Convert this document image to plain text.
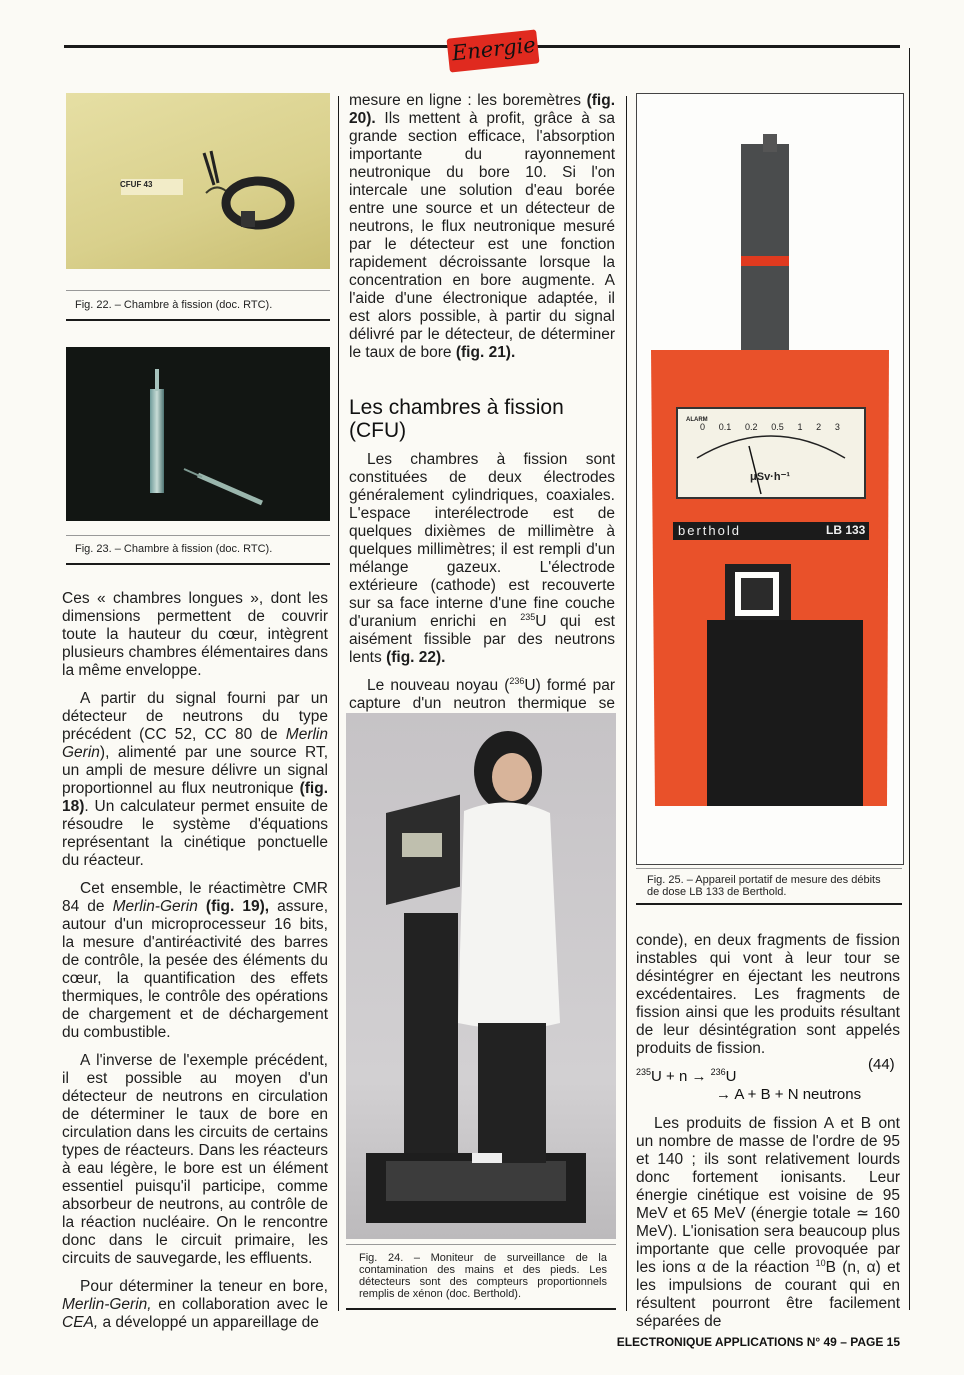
Energie
CFUF 43
Fig. 22. – Chambre à fission (doc. RTC).
Fig. 23. – Chambre à fission (doc. RTC).

Ces « chambres longues », dont les dimensions permettent de couvrir toute la hauteur du cœur, intègrent plusieurs chambres élémentaires dans la même enveloppe.

A partir du signal fourni par un détecteur de neutrons du type précédent (CC 52, CC 80 de Merlin Gerin), alimenté par une source RT, un ampli de mesure délivre un signal proportionnel au flux neutronique (fig. 18). Un calculateur permet ensuite de résoudre le système d'équations représentant la cinétique ponctuelle du réacteur.

Cet ensemble, le réactimètre CMR 84 de Merlin-Gerin (fig. 19), assure, autour d'un microprocesseur 16 bits, la mesure d'antiréactivité des barres de contrôle, la pesée des éléments du cœur, la quantification des effets thermiques, le contrôle des opérations de chargement et de déchargement du combustible.

A l'inverse de l'exemple précédent, il est possible au moyen d'un détecteur de neutrons en circulation de déterminer le taux de bore en circulation dans les circuits de certains types de réacteurs. Dans les réacteurs à eau légère, le bore est un élément essentiel puisqu'il participe, comme absorbeur de neutrons, au contrôle de la réaction nucléaire. On le rencontre donc dans le circuit primaire, les circuits de sauvegarde, les effluents.

Pour déterminer la teneur en bore, Merlin-Gerin, en collaboration avec le CEA, a développé un appareillage de

mesure en ligne : les boremètres (fig. 20). Ils mettent à profit, grâce à sa grande section efficace, l'absorption importante du rayonnement neutronique du bore 10. Si l'on intercale une solution d'eau borée entre une source et un détecteur de neutrons, le flux neutronique mesuré par le détecteur est une fonction rapidement décroissante lorsque la concentration en bore augmente. A l'aide d'une électronique adaptée, il est alors possible, à partir du signal délivré par le détecteur, de déterminer le taux de bore (fig. 21).

Les chambres à fission (CFU)

Les chambres à fission sont constituées de deux électrodes généralement cylindriques, coaxiales. L'espace interélectrode est de quelques dixièmes de millimètre à quelques millimètres; il est rempli d'un mélange gazeux. L'électrode extérieure (cathode) est recouverte sur sa face interne d'une fine couche d'uranium enrichi en $^{235}$U qui est aisément fissible par des neutrons lents (fig. 22).

Le nouveau noyau ($^{236}$U) formé par capture d'un neutron thermique se

Fig. 24. – Moniteur de surveillance de la contamination des mains et des pieds. Les détecteurs sont des compteurs proportionnels remplis de xénon (doc. Berthold).
ALARM
0 0.1 0.2 0.5 1 2 3
μSv·h⁻¹
berthold	LB 133
Fig. 25. – Appareil portatif de mesure des débits de dose LB 133 de Berthold.

conde), en deux fragments de fission instables qui vont à leur tour se désintégrer en éjectant les neutrons excédentaires. Les fragments de fission ainsi que les produits résultant de leur désintégration sont appelés produits de fission.

(44)
$^{235}$U + n → $^{236}$U
→ A + B + N neutrons

Les produits de fission A et B ont un nombre de masse de l'ordre de 95 et 140 ; ils sont relativement lourds donc fortement ionisants. Leur énergie cinétique est voisine de 95 MeV et 65 MeV (énergie totale ≃ 160 MeV). L'ionisation sera beaucoup plus importante que celle provoquée par les ions α de la réaction $^{10}$B (n, α) et les impulsions de courant qui en résultent pourront être facilement séparées de

ELECTRONIQUE APPLICATIONS N° 49 – PAGE 15
